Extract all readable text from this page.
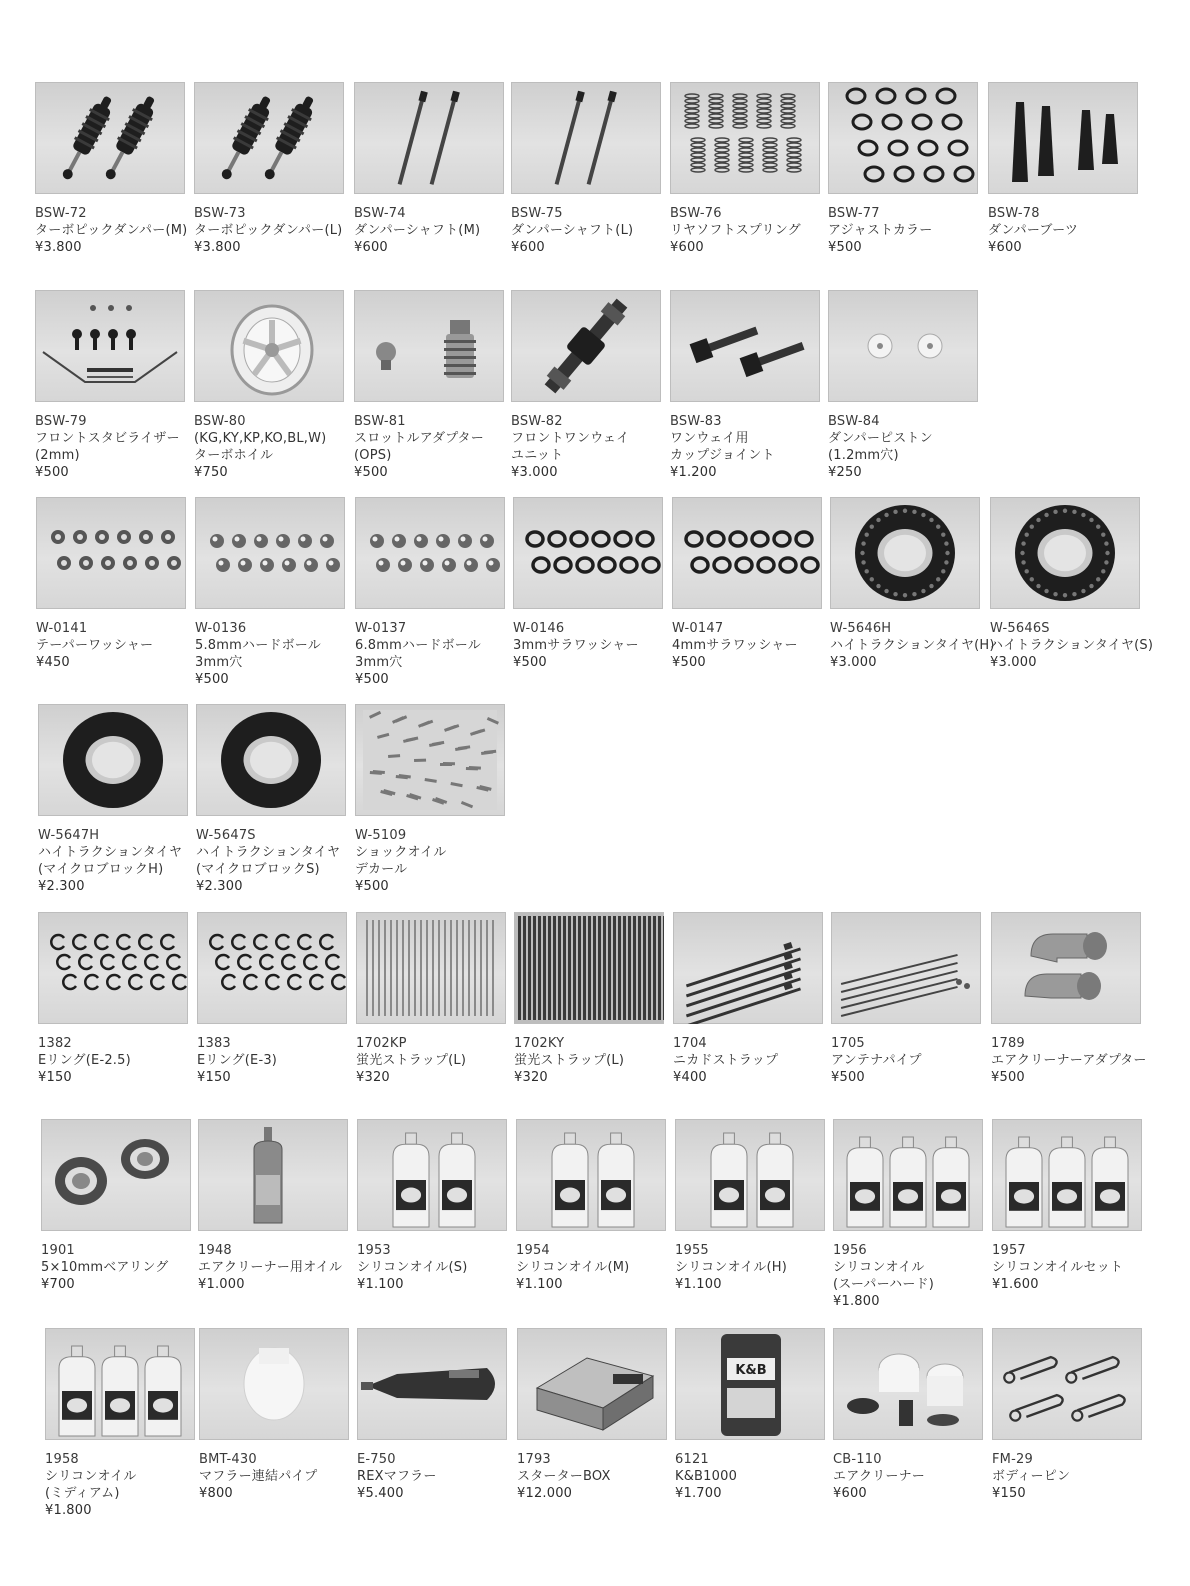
BSW-72
ターボピックダンパー(M)
¥3.800
BSW-73
ターボピックダンパー(L)
¥3.800
BSW-74
ダンパーシャフト(M)
¥600
BSW-75
ダンパーシャフト(L)
¥600
BSW-76
リヤソフトスプリング
¥600
BSW-77
アジャストカラー
¥500
BSW-78
ダンパーブーツ
¥600
BSW-79
フロントスタビライザー
(2mm)
¥500
BSW-80
(KG,KY,KP,KO,BL,W)
ターボホイル
¥750
BSW-81
スロットルアダプター
(OPS)
¥500
BSW-82
フロントワンウェイ
ユニット
¥3.000
BSW-83
ワンウェイ用
カップジョイント
¥1.200
BSW-84
ダンパーピストン
(1.2mm穴)
¥250
W-0141
テーパーワッシャー
¥450
W-0136
5.8mmハードボール
3mm穴
¥500
W-0137
6.8mmハードボール
3mm穴
¥500
W-0146
3mmサラワッシャー
¥500
W-0147
4mmサラワッシャー
¥500
W-5646H
ハイトラクションタイヤ(H)
¥3.000
W-5646S
ハイトラクションタイヤ(S)
¥3.000
W-5647H
ハイトラクションタイヤ
(マイクロブロックH)
¥2.300
W-5647S
ハイトラクションタイヤ
(マイクロブロックS)
¥2.300
W-5109
ショックオイル
デカール
¥500
1382
Eリング(E-2.5)
¥150
1383
Eリング(E-3)
¥150
1702KP
蛍光ストラップ(L)
¥320
1702KY
蛍光ストラップ(L)
¥320
1704
ニカドストラップ
¥400
1705
アンテナパイプ
¥500
1789
エアクリーナーアダプター
¥500
1901
5×10mmベアリング
¥700
1948
エアクリーナー用オイル
¥1.000
1953
シリコンオイル(S)
¥1.100
1954
シリコンオイル(M)
¥1.100
1955
シリコンオイル(H)
¥1.100
1956
シリコンオイル
(スーパーハード)
¥1.800
1957
シリコンオイルセット
¥1.600
1958
シリコンオイル
(ミディアム)
¥1.800
BMT-430
マフラー連結パイプ
¥800
E-750
REXマフラー
¥5.400
1793
スターターBOX
¥12.000
K&B
6121
K&B1000
¥1.700
CB-110
エアクリーナー
¥600
FM-29
ボディーピン
¥150
